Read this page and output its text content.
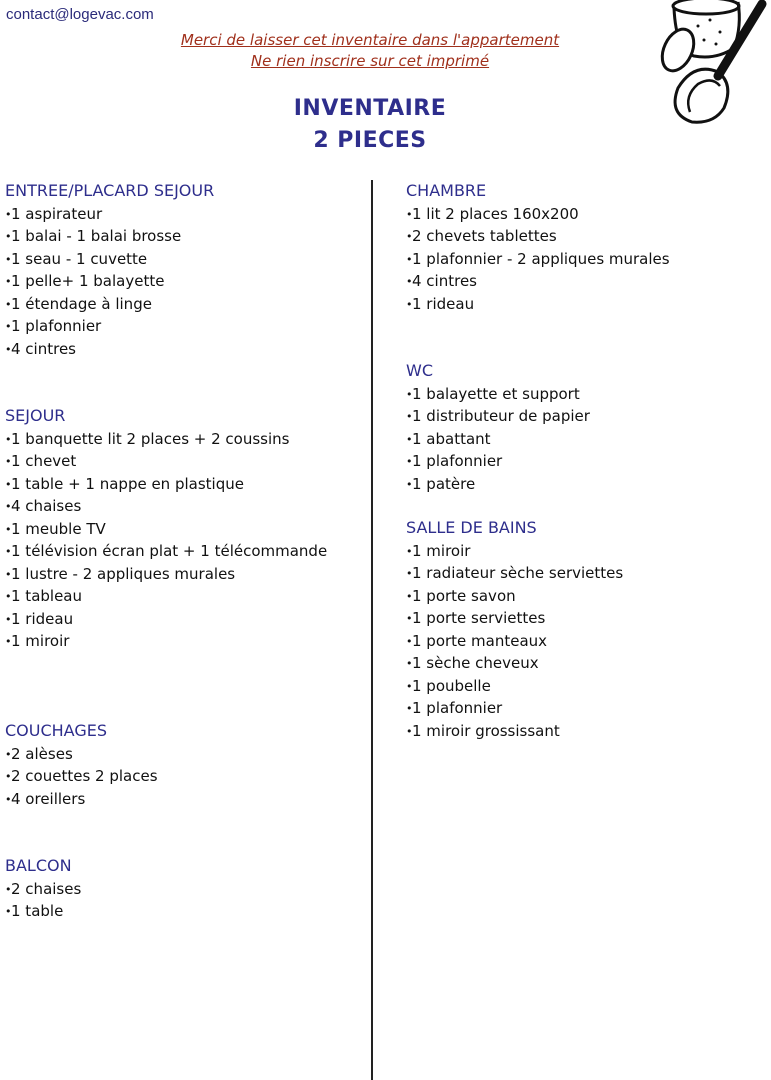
contact@logevac.com

Merci de laisser cet inventaire dans l'appartement

Ne rien inscrire sur cet imprimé

INVENTAIRE
2 PIECES
ENTREE/PLACARD SEJOUR
•1 aspirateur
•1 balai - 1 balai brosse
•1 seau - 1 cuvette
•1 pelle+ 1 balayette
•1 étendage à linge
•1 plafonnier
•4 cintres
SEJOUR
•1 banquette lit 2 places + 2 coussins
•1 chevet
•1 table + 1 nappe en plastique
•4 chaises
•1 meuble TV
•1 télévision écran plat + 1 télécommande
•1 lustre - 2 appliques murales
•1 tableau
•1 rideau
•1 miroir
COUCHAGES
•2 alèses
•2 couettes 2 places
•4 oreillers
BALCON
•2 chaises
•1 table
CHAMBRE
•1 lit 2 places 160x200
•2 chevets tablettes
•1 plafonnier - 2 appliques murales
•4 cintres
•1 rideau
WC
•1 balayette et support
•1 distributeur de papier
•1 abattant
•1 plafonnier
•1 patère
SALLE DE BAINS
•1 miroir
•1 radiateur sèche serviettes
•1 porte savon
•1 porte serviettes
•1 porte manteaux
•1 sèche cheveux
•1 poubelle
•1 plafonnier
•1 miroir grossissant
